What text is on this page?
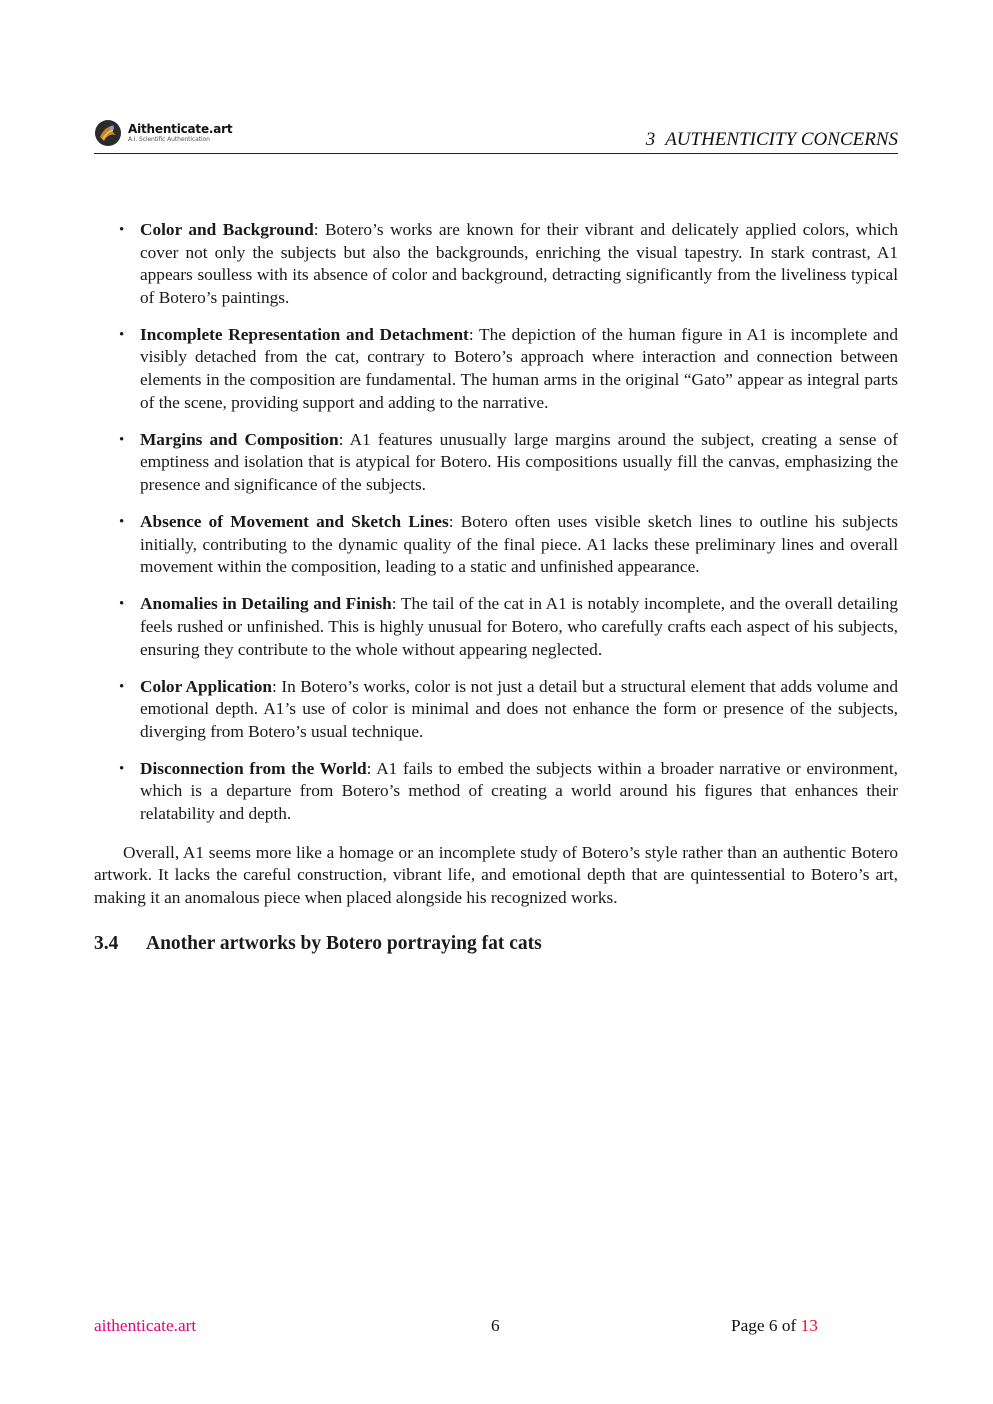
Aithenticate.art
A.I. Scientific Authentication	3 AUTHENTICITY CONCERNS
• Color and Background: Botero’s works are known for their vibrant and delicately applied colors, which cover not only the subjects but also the backgrounds, enriching the visual tapestry. In stark contrast, A1 appears soulless with its absence of color and background, detracting significantly from the liveliness typical of Botero’s paintings.
• Incomplete Representation and Detachment: The depiction of the human figure in A1 is incomplete and visibly detached from the cat, contrary to Botero’s approach where interaction and connection between elements in the composition are fundamental. The human arms in the original “Gato” appear as integral parts of the scene, providing support and adding to the narrative.
• Margins and Composition: A1 features unusually large margins around the subject, creating a sense of emptiness and isolation that is atypical for Botero. His compositions usually fill the canvas, emphasizing the presence and significance of the subjects.
• Absence of Movement and Sketch Lines: Botero often uses visible sketch lines to outline his subjects initially, contributing to the dynamic quality of the final piece. A1 lacks these preliminary lines and overall movement within the composition, leading to a static and unfinished appearance.
• Anomalies in Detailing and Finish: The tail of the cat in A1 is notably incomplete, and the overall detailing feels rushed or unfinished. This is highly unusual for Botero, who carefully crafts each aspect of his subjects, ensuring they contribute to the whole without appearing neglected.
• Color Application: In Botero’s works, color is not just a detail but a structural element that adds volume and emotional depth. A1’s use of color is minimal and does not enhance the form or presence of the subjects, diverging from Botero’s usual technique.
• Disconnection from the World: A1 fails to embed the subjects within a broader narrative or environment, which is a departure from Botero’s method of creating a world around his figures that enhances their relatability and depth.

Overall, A1 seems more like a homage or an incomplete study of Botero’s style rather than an authentic Botero artwork. It lacks the careful construction, vibrant life, and emotional depth that are quintessential to Botero’s art, making it an anomalous piece when placed alongside his recognized works.

3.4 Another artworks by Botero portraying fat cats
aithenticate.art	6	Page 6 of 13
